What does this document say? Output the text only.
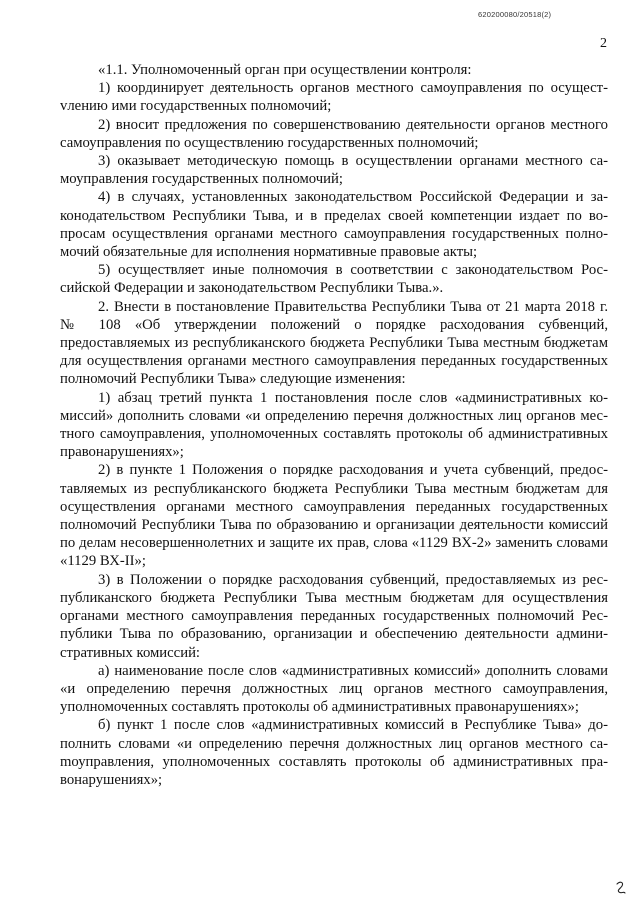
620200080/20518(2)
2

«1.1. Уполномоченный орган при осуществлении контроля:

1) координирует деятельность органов местного самоуправления по осущестvлению ими государственных полномочий;

2) вносит предложения по совершенствованию деятельности органов местного самоуправления по осуществлению государственных полномочий;

3) оказывает методическую помощь в осуществлении органами местного самоуправления государственных полномочий;

4) в случаях, установленных законодательством Российской Федерации и законодательством Республики Тыва, и в пределах своей компетенции издает по вопросам осуществления органами местного самоуправления государственных полномочий обязательные для исполнения нормативные правовые акты;

5) осуществляет иные полномочия в соответствии с законодательством Российской Федерации и законодательством Республики Тыва.».

2. Внести в постановление Правительства Республики Тыва от 21 марта 2018 г. № 108 «Об утверждении положений о порядке расходования субвенций, предоставляемых из республиканского бюджета Республики Тыва местным бюджетам для осуществления органами местного самоуправления переданных государственных полномочий Республики Тыва» следующие изменения:

1) абзац третий пункта 1 постановления после слов «административных комиссий» дополнить словами «и определению перечня должностных лиц органов местного самоуправления, уполномоченных составлять протоколы об административных правонарушениях»;

2) в пункте 1 Положения о порядке расходования и учета субвенций, предоставляемых из республиканского бюджета Республики Тыва местным бюджетам для осуществления органами местного самоуправления переданных государственных полномочий Республики Тыва по образованию и организации деятельности комиссий по делам несовершеннолетних и защите их прав, слова «1129 ВХ-2» заменить словами «1129 ВХ-II»;

3) в Положении о порядке расходования субвенций, предоставляемых из республиканского бюджета Республики Тыва местным бюджетам для осуществления органами местного самоуправления переданных государственных полномочий Республики Тыва по образованию, организации и обеспечению деятельности административных комиссий:

а) наименование после слов «административных комиссий» дополнить словами «и определению перечня должностных лиц органов местного самоуправления, уполномоченных составлять протоколы об административных правонарушениях»;

б) пункт 1 после слов «административных комиссий в Республике Тыва» дополнить словами «и определению перечня должностных лиц органов местного саmоуправления, уполномоченных составлять протоколы об административных правонарушениях»;
